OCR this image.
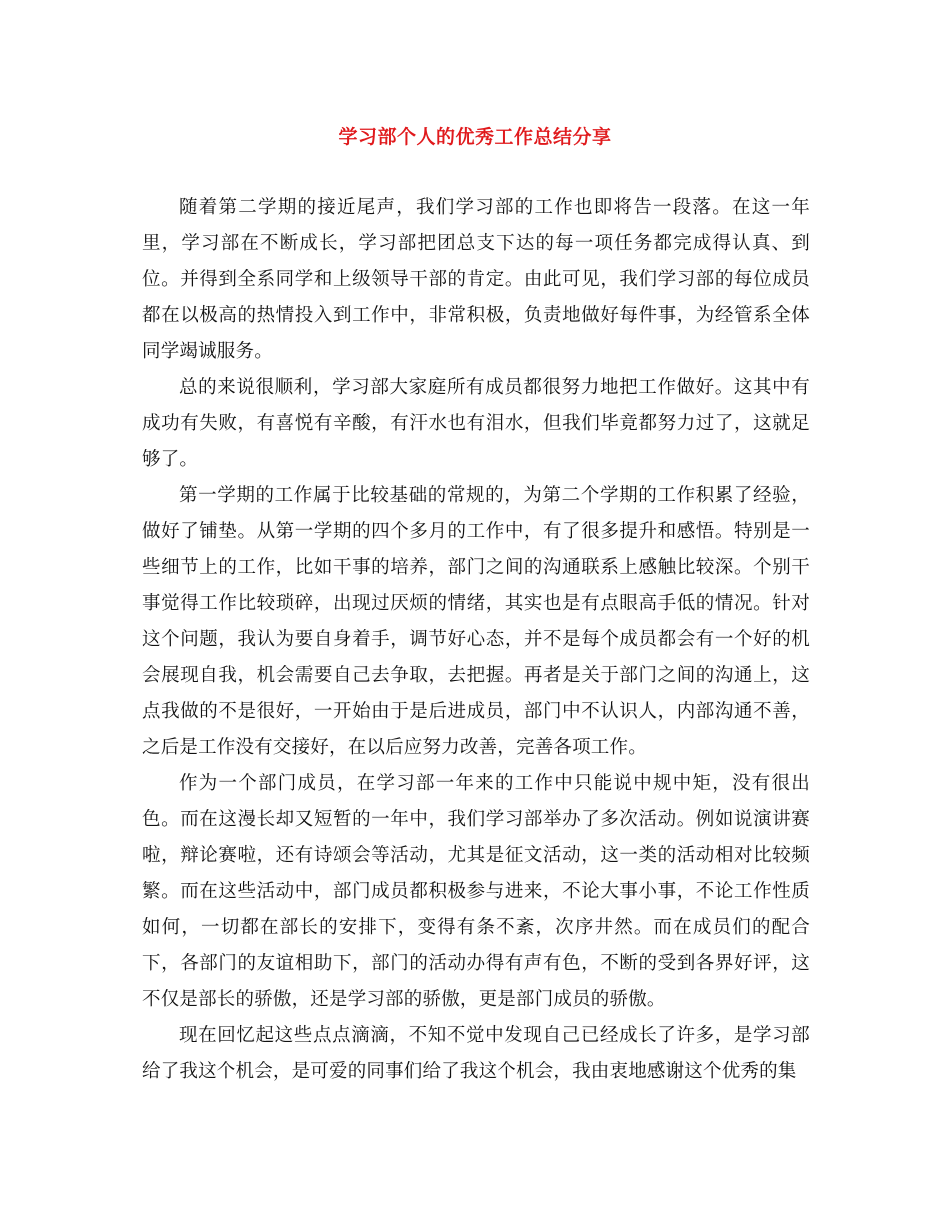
学习部个人的优秀工作总结分享

随着第二学期的接近尾声，我们学习部的工作也即将告一段落。在这一年里，学习部在不断成长，学习部把团总支下达的每一项任务都完成得认真、到位。并得到全系同学和上级领导干部的肯定。由此可见，我们学习部的每位成员都在以极高的热情投入到工作中，非常积极，负责地做好每件事，为经管系全体同学竭诚服务。

总的来说很顺利，学习部大家庭所有成员都很努力地把工作做好。这其中有成功有失败，有喜悦有辛酸，有汗水也有泪水，但我们毕竟都努力过了，这就足够了。

第一学期的工作属于比较基础的常规的，为第二个学期的工作积累了经验，做好了铺垫。从第一学期的四个多月的工作中，有了很多提升和感悟。特别是一些细节上的工作，比如干事的培养，部门之间的沟通联系上感触比较深。个别干事觉得工作比较琐碎，出现过厌烦的情绪，其实也是有点眼高手低的情况。针对这个问题，我认为要自身着手，调节好心态，并不是每个成员都会有一个好的机会展现自我，机会需要自己去争取，去把握。再者是关于部门之间的沟通上，这点我做的不是很好，一开始由于是后进成员，部门中不认识人，内部沟通不善，之后是工作没有交接好，在以后应努力改善，完善各项工作。

作为一个部门成员，在学习部一年来的工作中只能说中规中矩，没有很出色。而在这漫长却又短暂的一年中，我们学习部举办了多次活动。例如说演讲赛啦，辩论赛啦，还有诗颂会等活动，尤其是征文活动，这一类的活动相对比较频繁。而在这些活动中，部门成员都积极参与进来，不论大事小事，不论工作性质如何，一切都在部长的安排下，变得有条不紊，次序井然。而在成员们的配合下，各部门的友谊相助下，部门的活动办得有声有色，不断的受到各界好评，这不仅是部长的骄傲，还是学习部的骄傲，更是部门成员的骄傲。

现在回忆起这些点点滴滴，不知不觉中发现自己已经成长了许多，是学习部给了我这个机会，是可爱的同事们给了我这个机会，我由衷地感谢这个优秀的集
